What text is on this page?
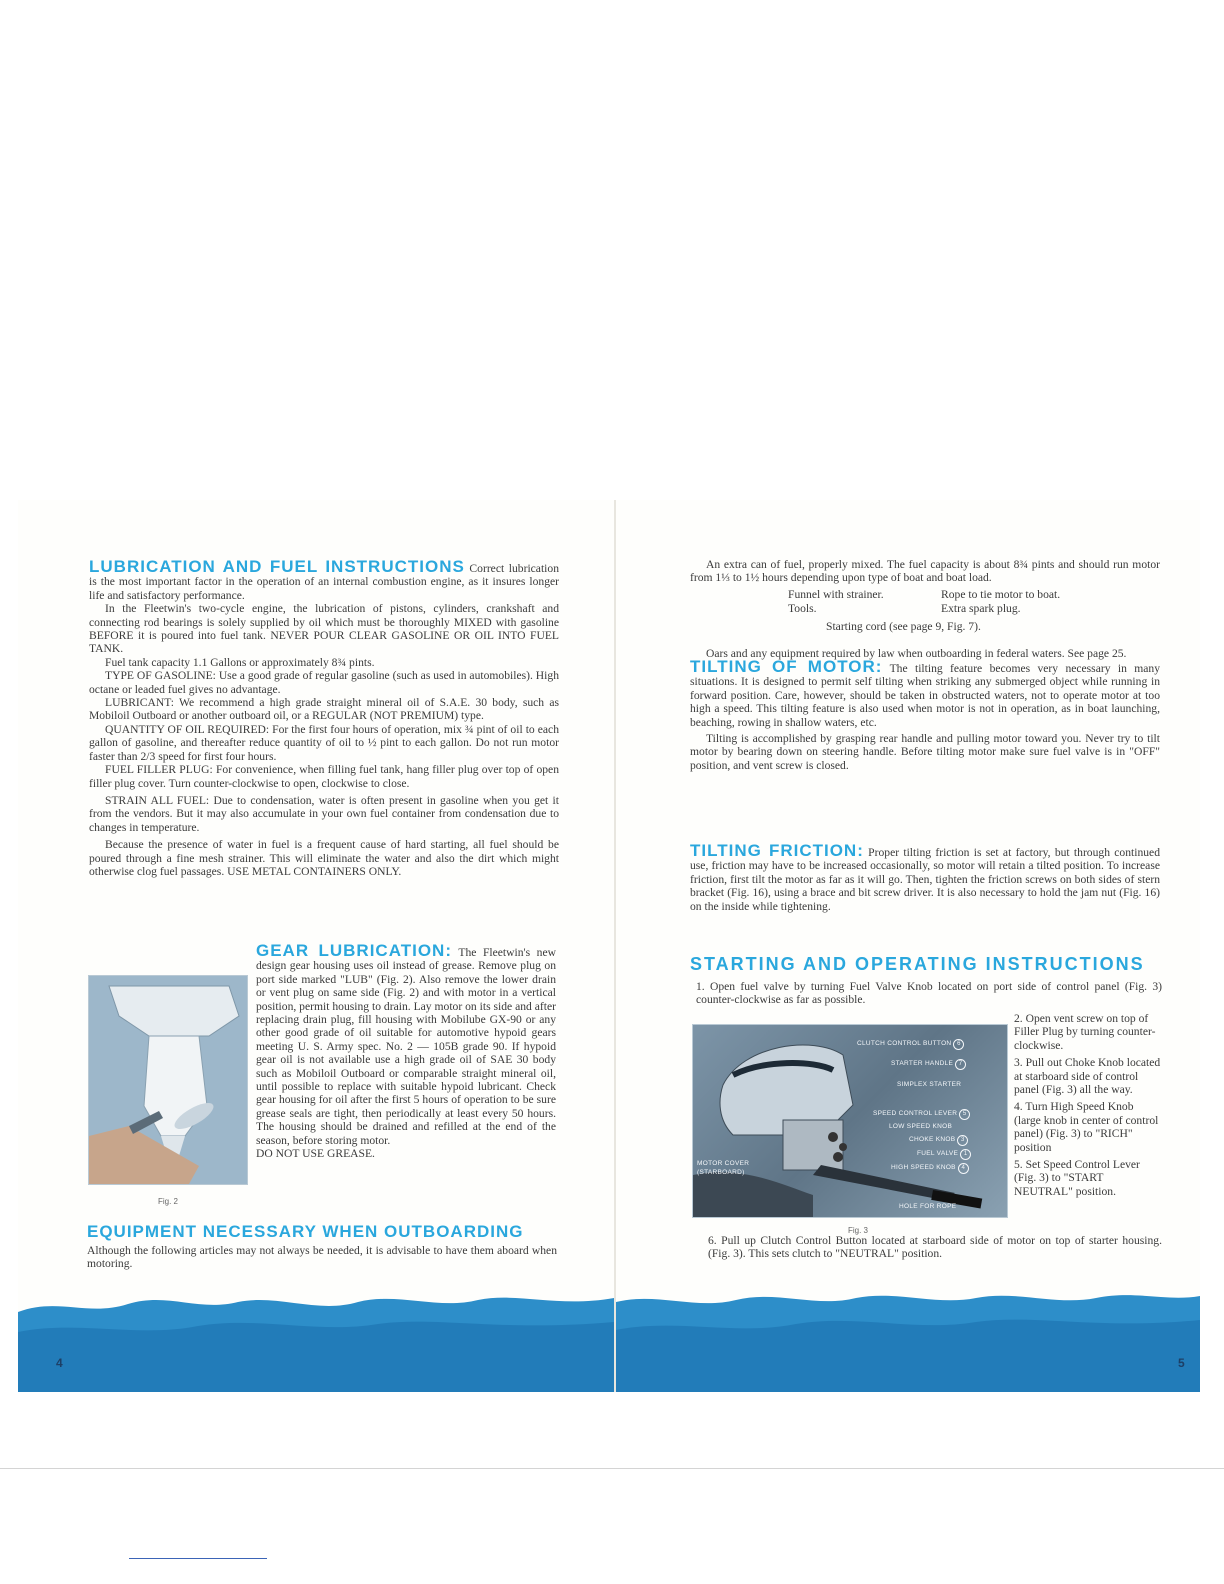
LUBRICATION AND FUEL INSTRUCTIONS Correct lubrication is the most important factor in the operation of an internal combustion engine, as it insures longer life and satisfactory performance.

In the Fleetwin's two-cycle engine, the lubrication of pistons, cylinders, crankshaft and connecting rod bearings is solely supplied by oil which must be thoroughly MIXED with gasoline BEFORE it is poured into fuel tank. NEVER POUR CLEAR GASOLINE OR OIL INTO FUEL TANK.

Fuel tank capacity 1.1 Gallons or approximately 8¾ pints.

TYPE OF GASOLINE: Use a good grade of regular gasoline (such as used in automobiles). High octane or leaded fuel gives no advantage.

LUBRICANT: We recommend a high grade straight mineral oil of S.A.E. 30 body, such as Mobiloil Outboard or another outboard oil, or a REGULAR (NOT PREMIUM) type.

QUANTITY OF OIL REQUIRED: For the first four hours of operation, mix ¾ pint of oil to each gallon of gasoline, and thereafter reduce quantity of oil to ½ pint to each gallon. Do not run motor faster than 2/3 speed for first four hours.

FUEL FILLER PLUG: For convenience, when filling fuel tank, hang filler plug over top of open filler plug cover. Turn counter-clockwise to open, clockwise to close.

STRAIN ALL FUEL: Due to condensation, water is often present in gasoline when you get it from the vendors. But it may also accumulate in your own fuel container from condensation due to changes in temperature.

Because the presence of water in fuel is a frequent cause of hard starting, all fuel should be poured through a fine mesh strainer. This will eliminate the water and also the dirt which might otherwise clog fuel passages. USE METAL CONTAINERS ONLY.

Fig. 2

GEAR LUBRICATION: The Fleetwin's new design gear housing uses oil instead of grease. Remove plug on port side marked "LUB" (Fig. 2). Also remove the lower drain or vent plug on same side (Fig. 2) and with motor in a vertical position, permit housing to drain. Lay motor on its side and after replacing drain plug, fill housing with Mobilube GX-90 or any other good grade of oil suitable for automotive hypoid gears meeting U. S. Army spec. No. 2 — 105B grade 90. If hypoid gear oil is not available use a high grade oil of SAE 30 body such as Mobiloil Outboard or comparable straight mineral oil, until possible to replace with suitable hypoid lubricant. Check gear housing for oil after the first 5 hours of operation to be sure grease seals are tight, then periodically at least every 50 hours. The housing should be drained and refilled at the end of the season, before storing motor.

DO NOT USE GREASE.

EQUIPMENT NECESSARY WHEN OUTBOARDING

Although the following articles may not always be needed, it is advisable to have them aboard when motoring.

4

An extra can of fuel, properly mixed. The fuel capacity is about 8¾ pints and should run motor from 1⅓ to 1½ hours depending upon type of boat and boat load.

Funnel with strainer.	Rope to tie motor to boat.
Tools.	Extra spark plug.
Starting cord (see page 9, Fig. 7).

Oars and any equipment required by law when outboarding in federal waters. See page 25.

TILTING OF MOTOR: The tilting feature becomes very necessary in many situations. It is designed to permit self tilting when striking any submerged object while running in forward position. Care, however, should be taken in obstructed waters, not to operate motor at too high a speed. This tilting feature is also used when motor is not in operation, as in boat launching, beaching, rowing in shallow waters, etc.

Tilting is accomplished by grasping rear handle and pulling motor toward you. Never try to tilt motor by bearing down on steering handle. Before tilting motor make sure fuel valve is in "OFF" position, and vent screw is closed.

TILTING FRICTION: Proper tilting friction is set at factory, but through continued use, friction may have to be increased occasionally, so motor will retain a tilted position. To increase friction, first tilt the motor as far as it will go. Then, tighten the friction screws on both sides of stern bracket (Fig. 16), using a brace and bit screw driver. It is also necessary to hold the jam nut (Fig. 16) on the inside while tightening.

STARTING AND OPERATING INSTRUCTIONS

1. Open fuel valve by turning Fuel Valve Knob located on port side of control panel (Fig. 3) counter-clockwise as far as possible.

CLUTCH CONTROL BUTTON 6
STARTER HANDLE 7
SIMPLEX STARTER
SPEED CONTROL LEVER 5
LOW SPEED KNOB
CHOKE KNOB 3
FUEL VALVE 1
HIGH SPEED KNOB 4
MOTOR COVER (STARBOARD)
HOLE FOR ROPE
Fig. 3

2. Open vent screw on top of Filler Plug by turning counter-clockwise.

3. Pull out Choke Knob located at starboard side of control panel (Fig. 3) all the way.

4. Turn High Speed Knob (large knob in center of control panel) (Fig. 3) to "RICH" position

5. Set Speed Control Lever (Fig. 3) to "START NEUTRAL" position.

6. Pull up Clutch Control Button located at starboard side of motor on top of starter housing. (Fig. 3). This sets clutch to "NEUTRAL" position.

5
